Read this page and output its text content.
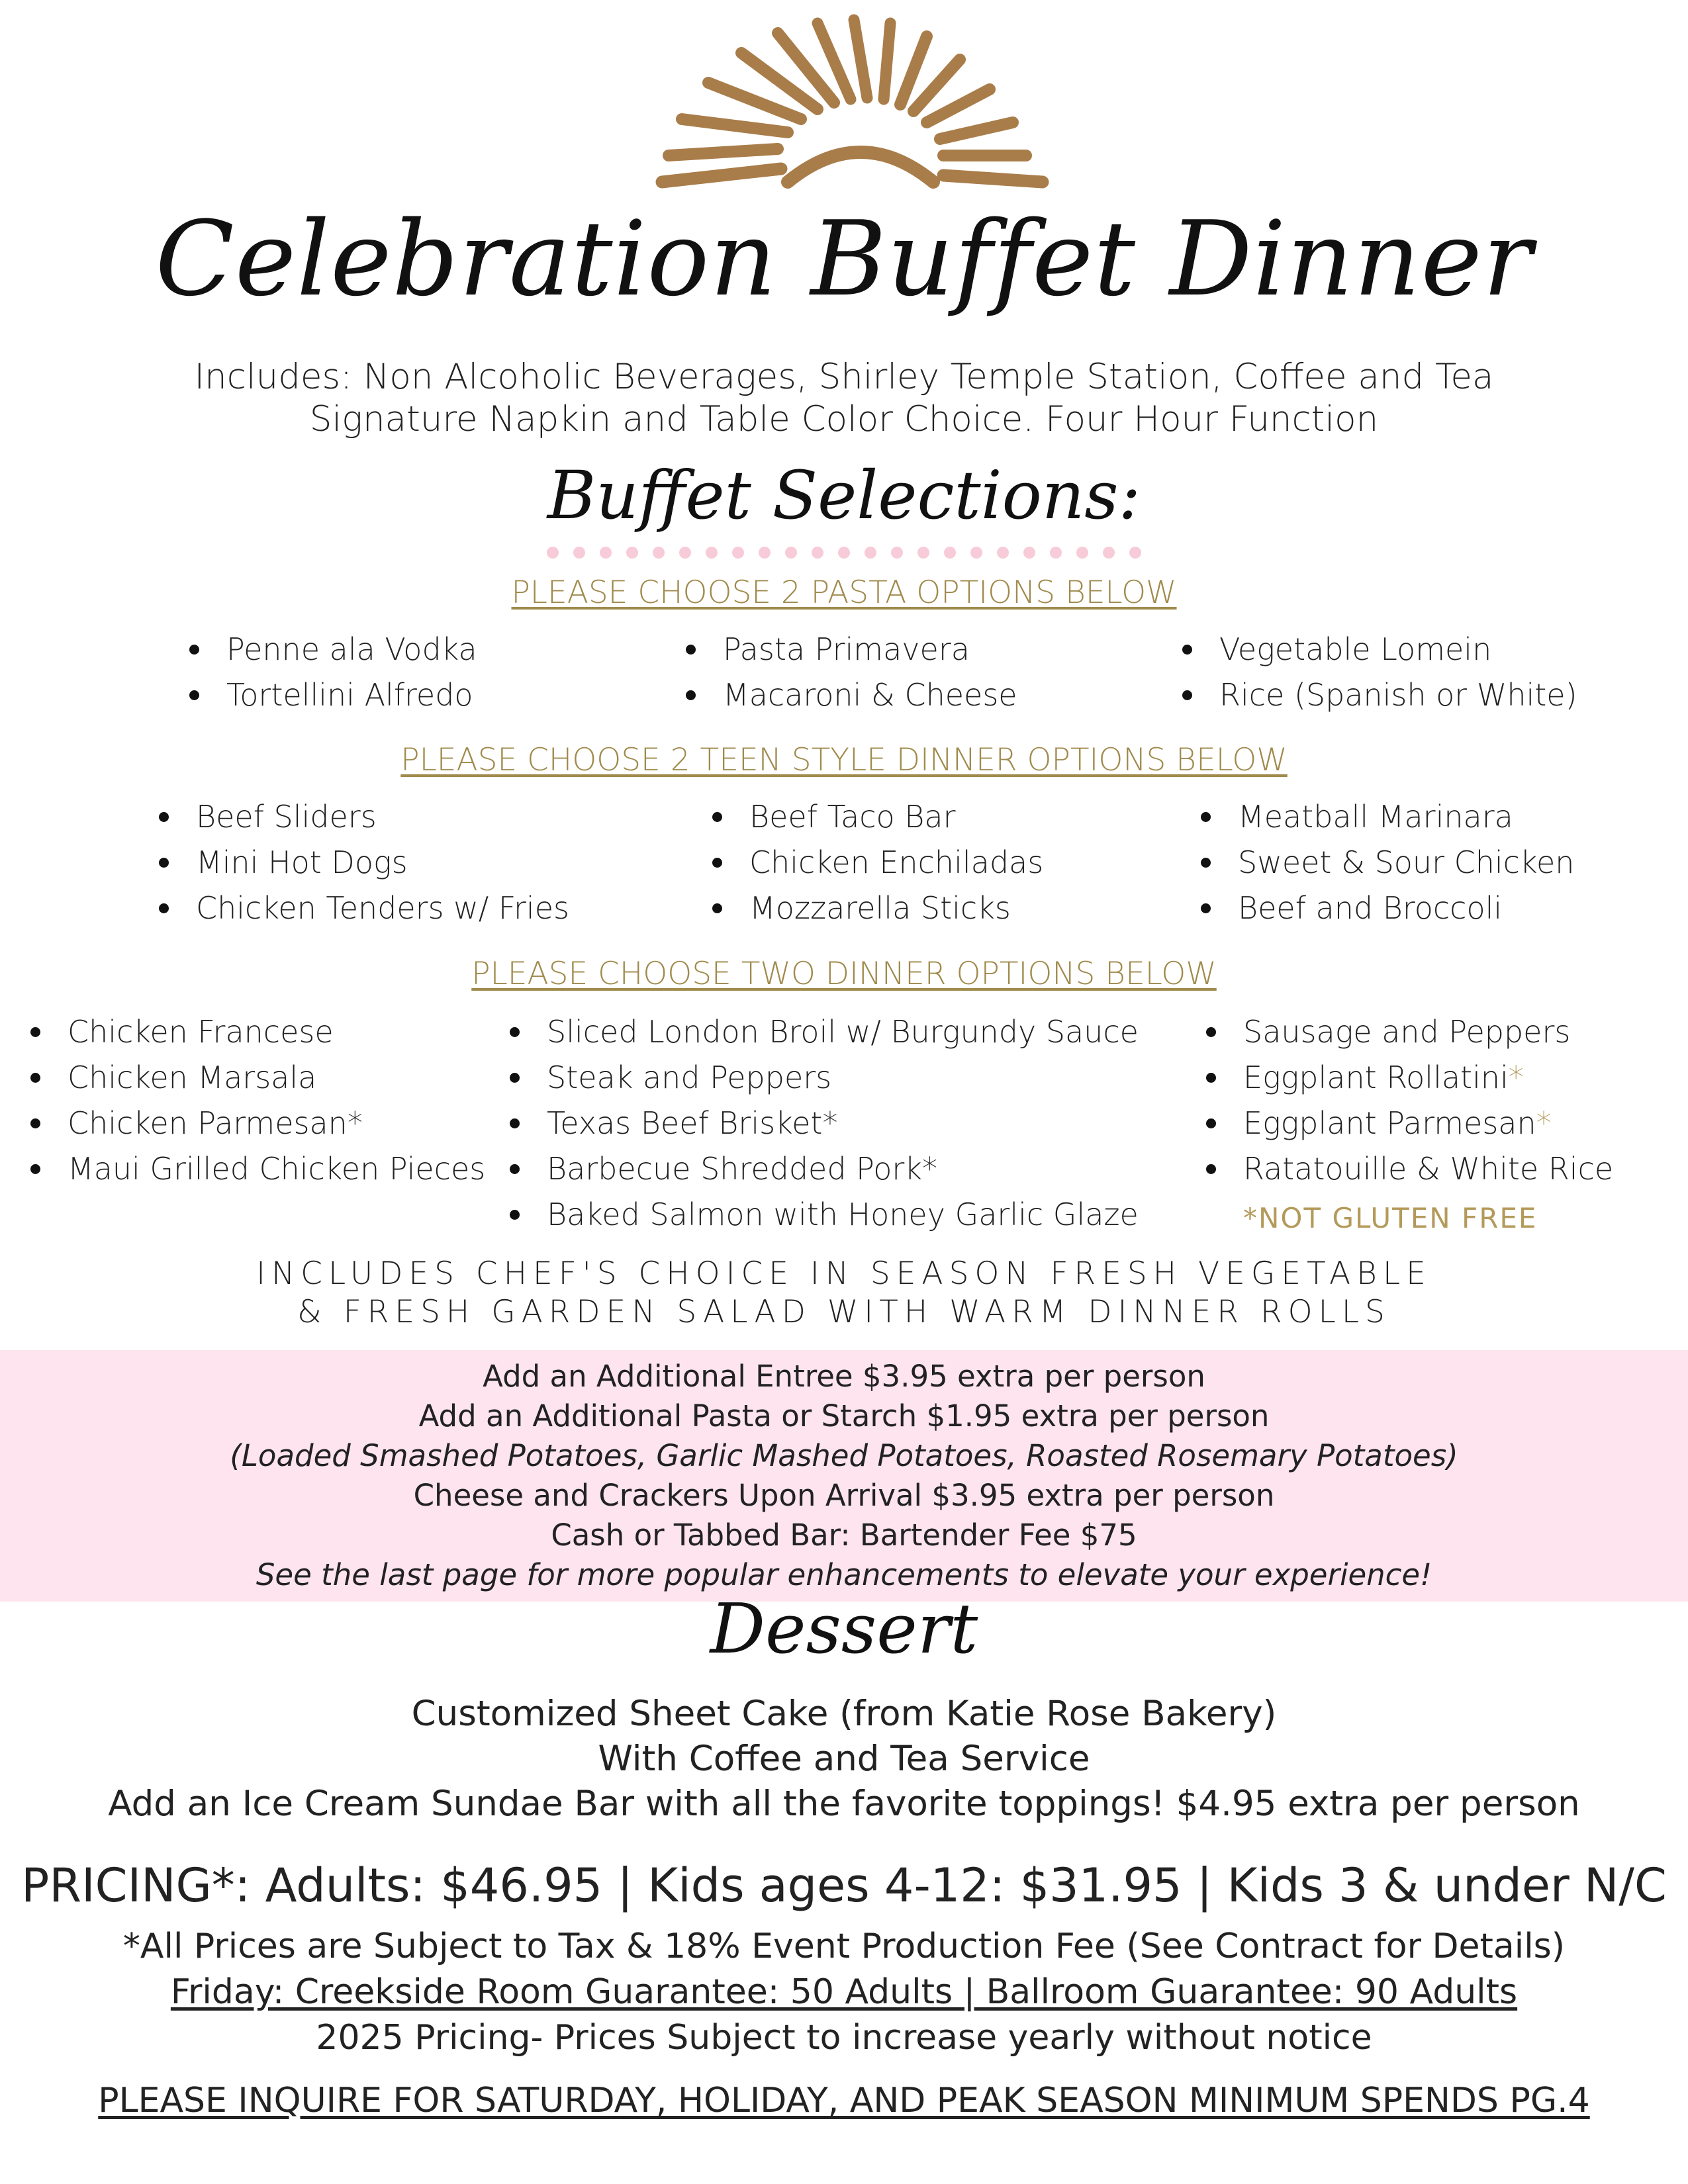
Celebration Buffet Dinner
Includes: Non Alcoholic Beverages, Shirley Temple Station, Coffee and Tea
Signature Napkin and Table Color Choice. Four Hour Function
Buffet Selections:
PLEASE CHOOSE 2 PASTA OPTIONS BELOW
Penne ala Vodka
Tortellini Alfredo
Pasta Primavera
Macaroni & Cheese
Vegetable Lomein
Rice (Spanish or White)
PLEASE CHOOSE 2 TEEN STYLE DINNER OPTIONS BELOW
Beef Sliders
Mini Hot Dogs
Chicken Tenders w/ Fries
Beef Taco Bar
Chicken Enchiladas
Mozzarella Sticks
Meatball Marinara
Sweet & Sour Chicken
Beef and Broccoli
PLEASE CHOOSE TWO DINNER OPTIONS BELOW
Chicken Francese
Chicken Marsala
Chicken Parmesan*
Maui Grilled Chicken Pieces
Sliced London Broil w/ Burgundy Sauce
Steak and Peppers
Texas Beef Brisket*
Barbecue Shredded Pork*
Baked Salmon with Honey Garlic Glaze
Sausage and Peppers
Eggplant Rollatini*
Eggplant Parmesan*
Ratatouille & White Rice
*NOT GLUTEN FREE
INCLUDES CHEF'S CHOICE IN SEASON FRESH VEGETABLE
& FRESH GARDEN SALAD WITH WARM DINNER ROLLS
Add an Additional Entree $3.95 extra per person
Add an Additional Pasta or Starch $1.95 extra per person
(Loaded Smashed Potatoes, Garlic Mashed Potatoes, Roasted Rosemary Potatoes)
Cheese and Crackers Upon Arrival $3.95 extra per person
Cash or Tabbed Bar: Bartender Fee $75
See the last page for more popular enhancements to elevate your experience!
Dessert
Customized Sheet Cake (from Katie Rose Bakery)
With Coffee and Tea Service
Add an Ice Cream Sundae Bar with all the favorite toppings! $4.95 extra per person
PRICING*: Adults: $46.95 | Kids ages 4-12: $31.95 | Kids 3 & under N/C
*All Prices are Subject to Tax & 18% Event Production Fee (See Contract for Details)
Friday: Creekside Room Guarantee: 50 Adults | Ballroom Guarantee: 90 Adults
2025 Pricing- Prices Subject to increase yearly without notice
PLEASE INQUIRE FOR SATURDAY, HOLIDAY, AND PEAK SEASON MINIMUM SPENDS PG.4
